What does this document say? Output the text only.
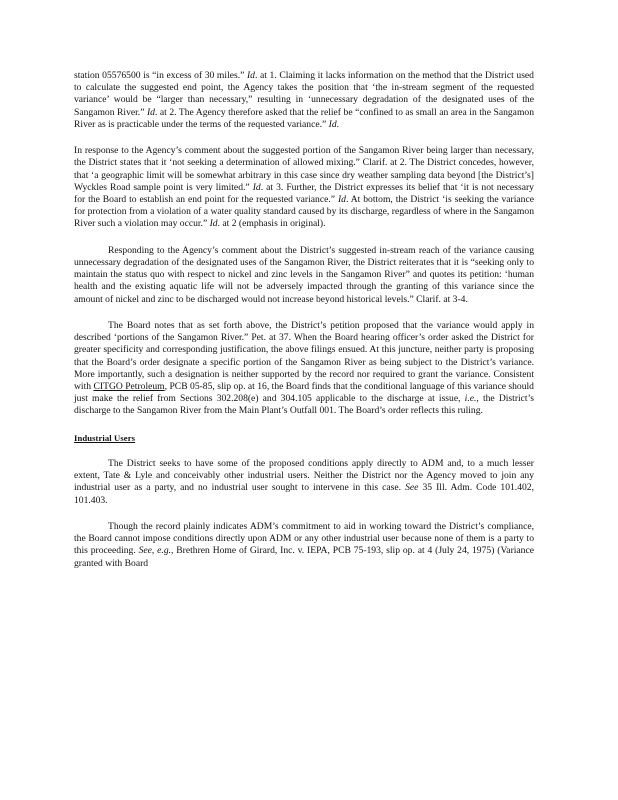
station 05576500 is “in excess of 30 miles.” Id. at 1. Claiming it lacks information on the method that the District used to calculate the suggested end point, the Agency takes the position that ‘the in-stream segment of the requested variance’ would be “larger than necessary,” resulting in ‘unnecessary degradation of the designated uses of the Sangamon River.” Id. at 2. The Agency therefore asked that the relief be “confined to as small an area in the Sangamon River as is practicable under the terms of the requested variance.” Id.

In response to the Agency’s comment about the suggested portion of the Sangamon River being larger than necessary, the District states that it ‘not seeking a determination of allowed mixing.” Clarif. at 2. The District concedes, however, that ‘a geographic limit will be somewhat arbitrary in this case since dry weather sampling data beyond [the District’s] Wyckles Road sample point is very limited.” Id. at 3. Further, the District expresses its belief that ‘it is not necessary for the Board to establish an end point for the requested variance.” Id. At bottom, the District ‘is seeking the variance for protection from a violation of a water quality standard caused by its discharge, regardless of where in the Sangamon River such a violation may occur.” Id. at 2 (emphasis in original).

Responding to the Agency’s comment about the District’s suggested in-stream reach of the variance causing unnecessary degradation of the designated uses of the Sangamon River, the District reiterates that it is “seeking only to maintain the status quo with respect to nickel and zinc levels in the Sangamon River” and quotes its petition: ‘human health and the existing aquatic life will not be adversely impacted through the granting of this variance since the amount of nickel and zinc to be discharged would not increase beyond historical levels.” Clarif. at 3-4.

The Board notes that as set forth above, the District’s petition proposed that the variance would apply in described ‘portions of the Sangamon River.” Pet. at 37. When the Board hearing officer’s order asked the District for greater specificity and corresponding justification, the above filings ensued. At this juncture, neither party is proposing that the Board’s order designate a specific portion of the Sangamon River as being subject to the District’s variance. More importantly, such a designation is neither supported by the record nor required to grant the variance. Consistent with CITGO Petroleum, PCB 05-85, slip op. at 16, the Board finds that the conditional language of this variance should just make the relief from Sections 302.208(e) and 304.105 applicable to the discharge at issue, i.e., the District’s discharge to the Sangamon River from the Main Plant’s Outfall 001. The Board’s order reflects this ruling.

Industrial Users

The District seeks to have some of the proposed conditions apply directly to ADM and, to a much lesser extent, Tate & Lyle and conceivably other industrial users. Neither the District nor the Agency moved to join any industrial user as a party, and no industrial user sought to intervene in this case. See 35 Ill. Adm. Code 101.402, 101.403.

Though the record plainly indicates ADM’s commitment to aid in working toward the District’s compliance, the Board cannot impose conditions directly upon ADM or any other industrial user because none of them is a party to this proceeding. See, e.g., Brethren Home of Girard, Inc. v. IEPA, PCB 75-193, slip op. at 4 (July 24, 1975) (Variance granted with Board
